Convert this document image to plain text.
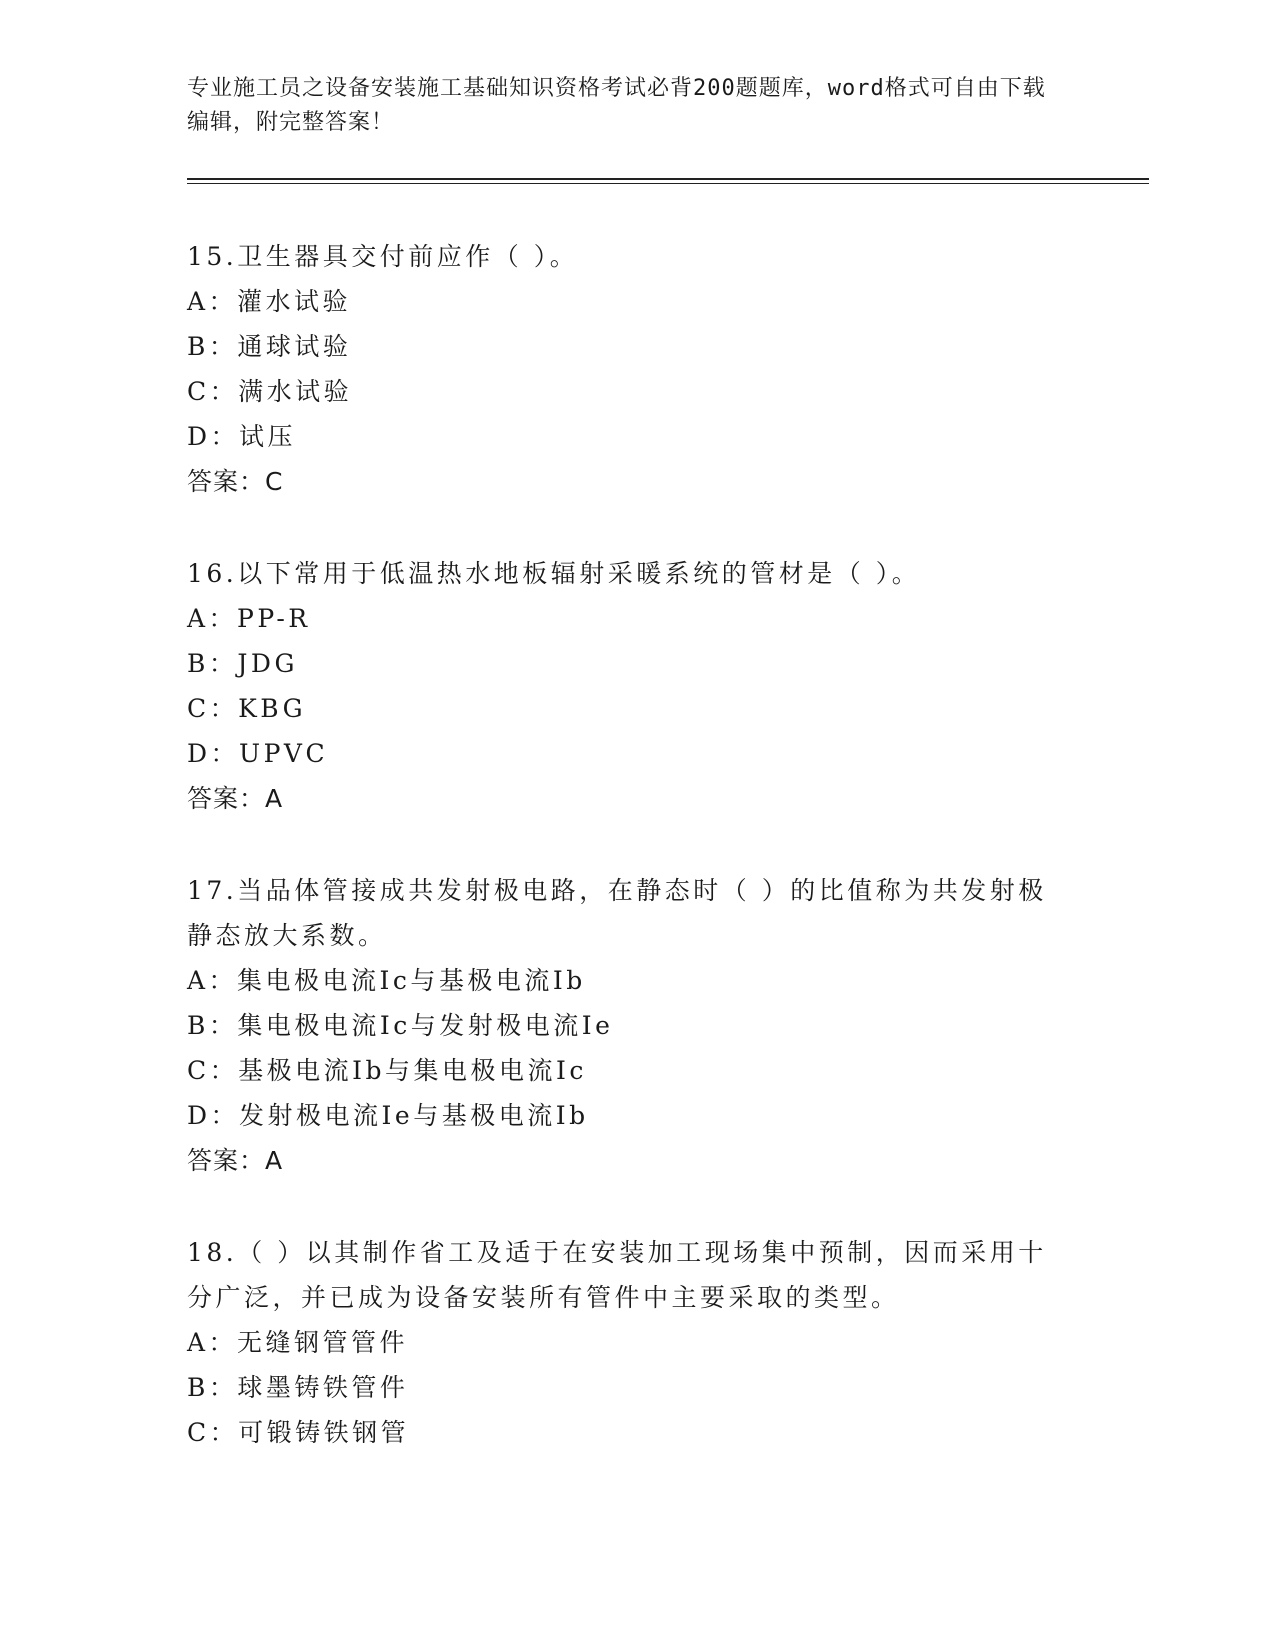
专业施工员之设备安装施工基础知识资格考试必背200题题库，word格式可自由下载编辑，附完整答案！

15.卫生器具交付前应作（ ）。

A：灌水试验

B：通球试验

C：满水试验

D：试压

答案：C

16.以下常用于低温热水地板辐射采暖系统的管材是（ ）。

A：PP-R

B：JDG

C：KBG

D：UPVC

答案：A

17.当品体管接成共发射极电路，在静态时（ ）的比值称为共发射极静态放大系数。

A：集电极电流Ic与基极电流Ib

B：集电极电流Ic与发射极电流Ie

C：基极电流Ib与集电极电流Ic

D：发射极电流Ie与基极电流Ib

答案：A

18.（ ）以其制作省工及适于在安装加工现场集中预制，因而采用十分广泛，并已成为设备安装所有管件中主要采取的类型。

A：无缝钢管管件

B：球墨铸铁管件

C：可锻铸铁钢管
